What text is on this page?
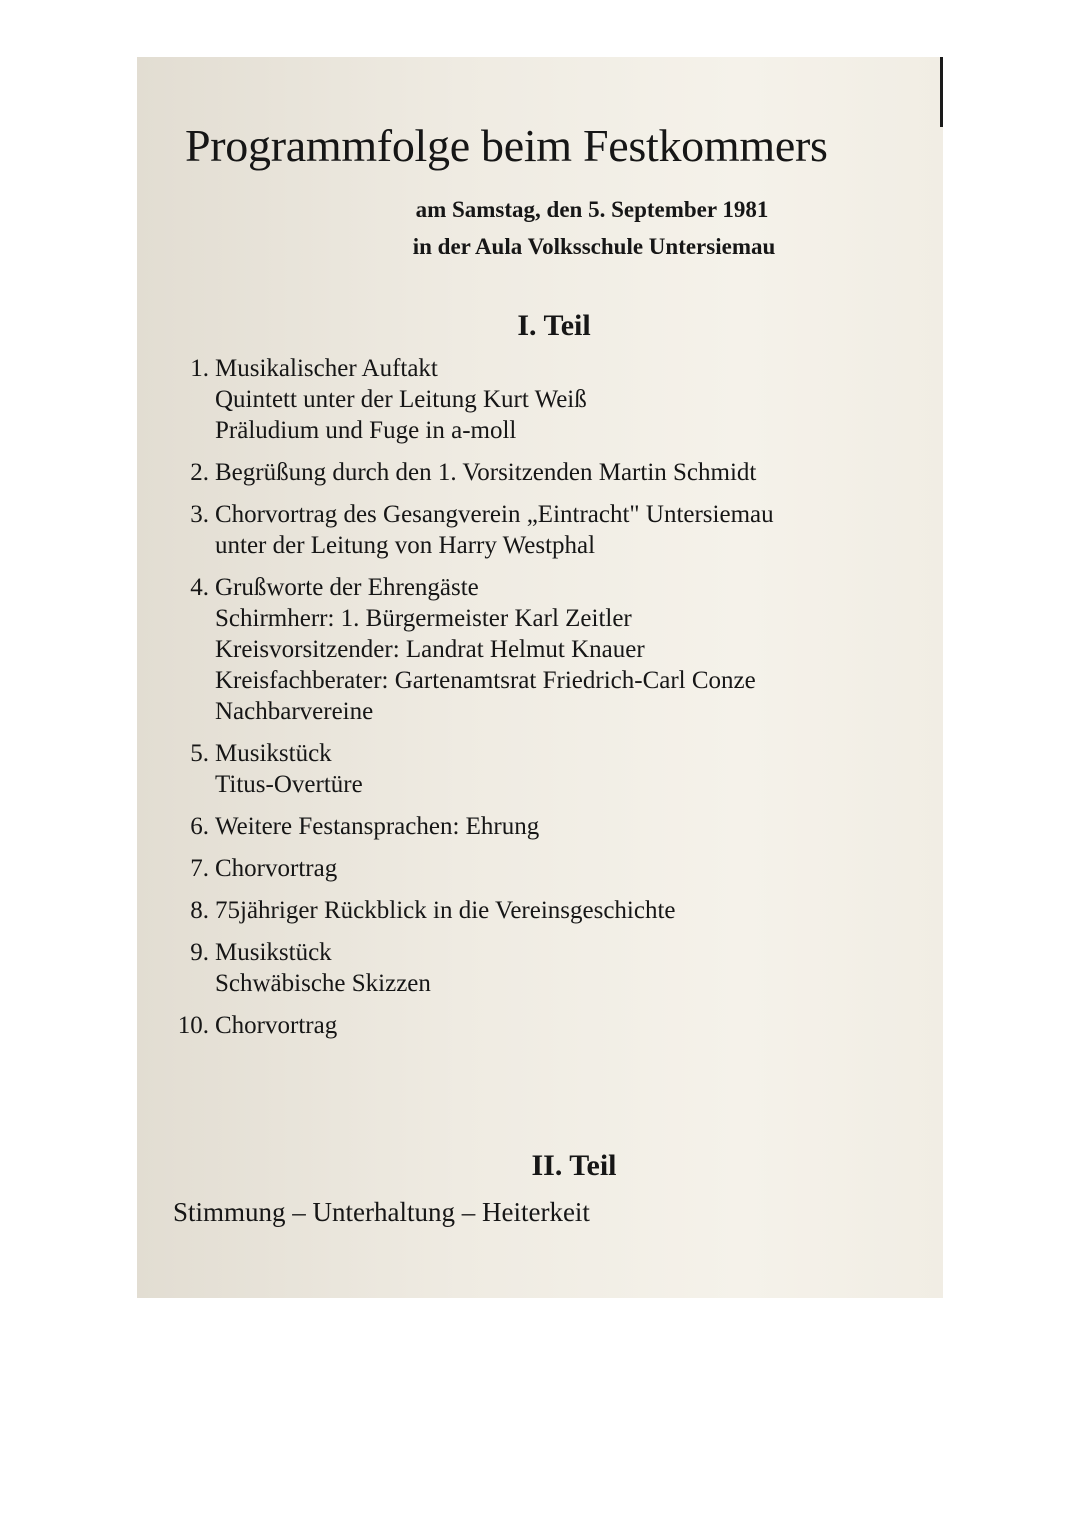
Programmfolge beim Festkommers
am Samstag, den 5. September 1981
in der Aula Volksschule Untersiemau
I. Teil
1. Musikalischer Auftakt
Quintett unter der Leitung Kurt Weiß
Präludium und Fuge in a-moll
2. Begrüßung durch den 1. Vorsitzenden Martin Schmidt
3. Chorvortrag des Gesangverein „Eintracht" Untersiemau
unter der Leitung von Harry Westphal
4. Grußworte der Ehrengäste
Schirmherr: 1. Bürgermeister Karl Zeitler
Kreisvorsitzender: Landrat Helmut Knauer
Kreisfachberater: Gartenamtsrat Friedrich-Carl Conze
Nachbarvereine
5. Musikstück
Titus-Overtüre
6. Weitere Festansprachen: Ehrung
7. Chorvortrag
8. 75jähriger Rückblick in die Vereinsgeschichte
9. Musikstück
Schwäbische Skizzen
10. Chorvortrag
II. Teil
Stimmung – Unterhaltung – Heiterkeit
